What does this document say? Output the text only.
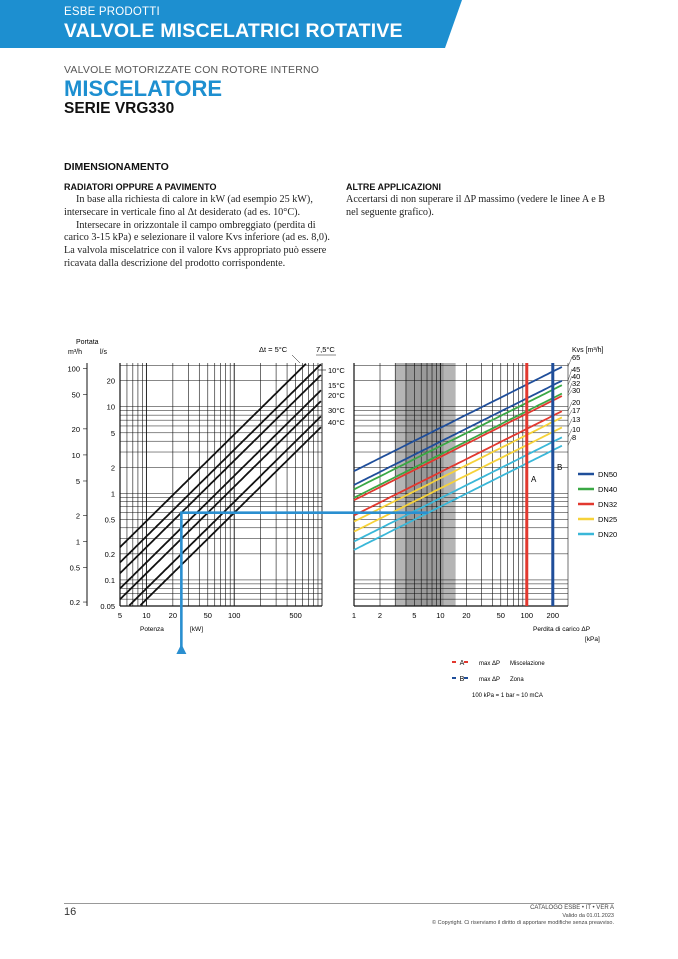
ESBE PRODOTTI
VALVOLE MISCELATRICI ROTATIVE
VALVOLE MOTORIZZATE CON ROTORE INTERNO
MISCELATORE
SERIE VRG330
DIMENSIONAMENTO
RADIATORI OPPURE A PAVIMENTO

In base alla richiesta di calore in kW (ad esempio 25 kW), intersecare in verticale fino al Δt desiderato (ad es. 10°C).

Intersecare in orizzontale il campo ombreggiato (perdita di carico 3-15 kPa) e selezionare il valore Kvs inferiore (ad es. 8,0). La valvola miscelatrice con il valore Kvs appropriato può essere ricavata dalla descrizione del prodotto corrispondente.

ALTRE APPLICAZIONI

Accertarsi di non superare il ΔP massimo (vedere le linee A e B nel seguente grafico).

10°C
15°C
20°C
30°C
40°C
Δt = 5°C	7,5°C
Portata
m³/h	l/s
100
50
20
10
5
2
1
0.5
0.2
20
10
5
2
1
0.5
0.2
0.1
0.05
5	10 20	50 100	500
Potenza	[kW]
65
45
40
32
30
20
17
13
10
8
Kvs [m³/h]
A
B
DN50
DN40
DN32
DN25
DN20
1	2	5	10 20	50 100 200
Perdita di carico ΔP
[kPa]
A max ΔP Miscelazione
B max ΔP Zona
100 kPa = 1 bar ≈ 10 mCA
16	CATALOGO ESBE • IT • VER A
Valido da 01.01.2023
© Copyright. Ci riserviamo il diritto di apportare modifiche senza preavviso.
